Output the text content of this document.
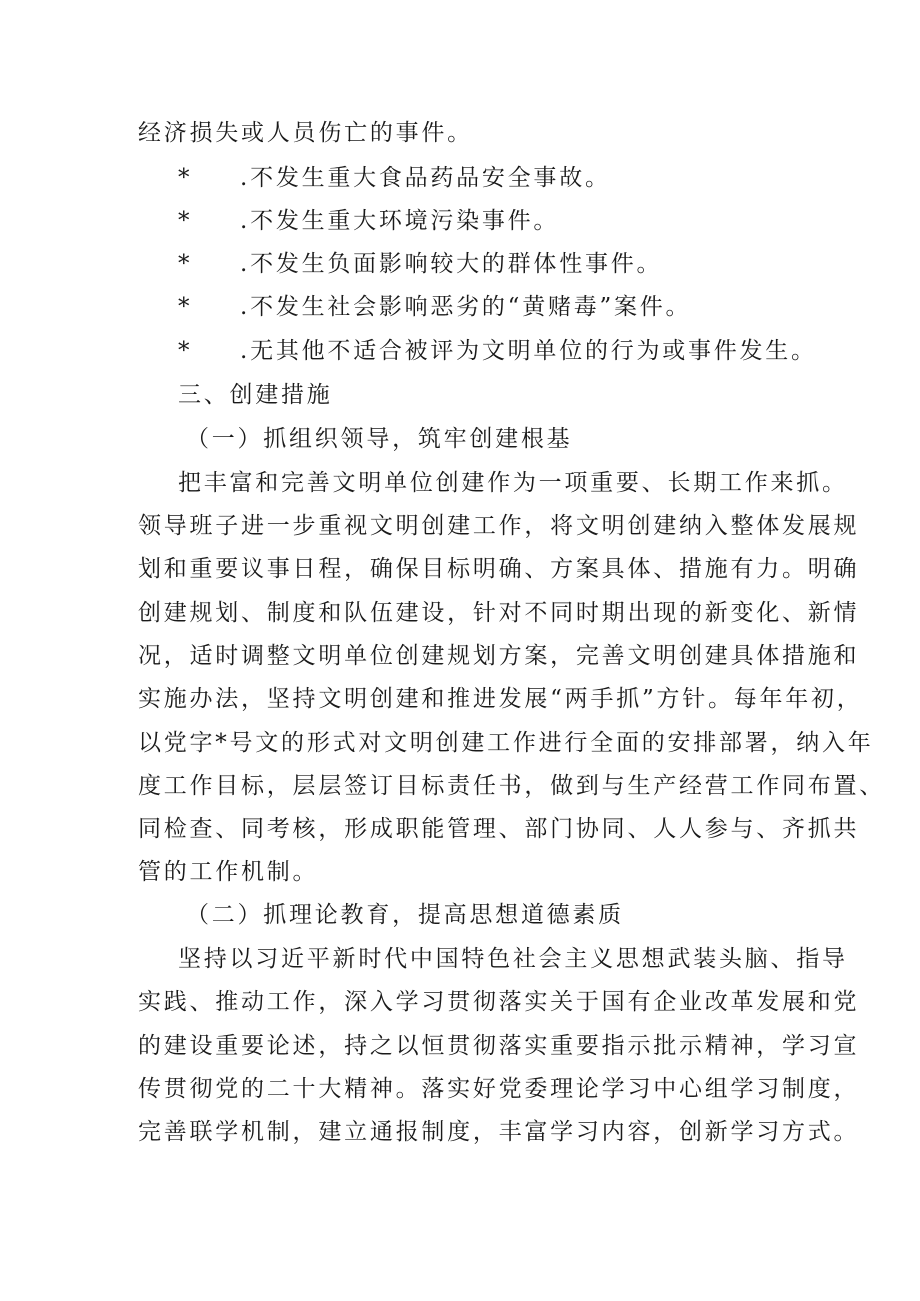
经济损失或人员伤亡的事件。
* .不发生重大食品药品安全事故。
* .不发生重大环境污染事件。
* .不发生负面影响较大的群体性事件。
* .不发生社会影响恶劣的“黄赌毒”案件。
* .无其他不适合被评为文明单位的行为或事件发生。
三、创建措施
（一）抓组织领导，筑牢创建根基
把丰富和完善文明单位创建作为一项重要、长期工作来抓。
领导班子进一步重视文明创建工作，将文明创建纳入整体发展规
划和重要议事日程，确保目标明确、方案具体、措施有力。明确
创建规划、制度和队伍建设，针对不同时期出现的新变化、新情
况，适时调整文明单位创建规划方案，完善文明创建具体措施和
实施办法，坚持文明创建和推进发展“两手抓”方针。每年年初，
以党字*号文的形式对文明创建工作进行全面的安排部署，纳入年
度工作目标，层层签订目标责任书，做到与生产经营工作同布置、
同检查、同考核，形成职能管理、部门协同、人人参与、齐抓共
管的工作机制。
（二）抓理论教育，提高思想道德素质
坚持以习近平新时代中国特色社会主义思想武装头脑、指导
实践、推动工作，深入学习贯彻落实关于国有企业改革发展和党
的建设重要论述，持之以恒贯彻落实重要指示批示精神，学习宣
传贯彻党的二十大精神。落实好党委理论学习中心组学习制度，
完善联学机制，建立通报制度，丰富学习内容，创新学习方式。
